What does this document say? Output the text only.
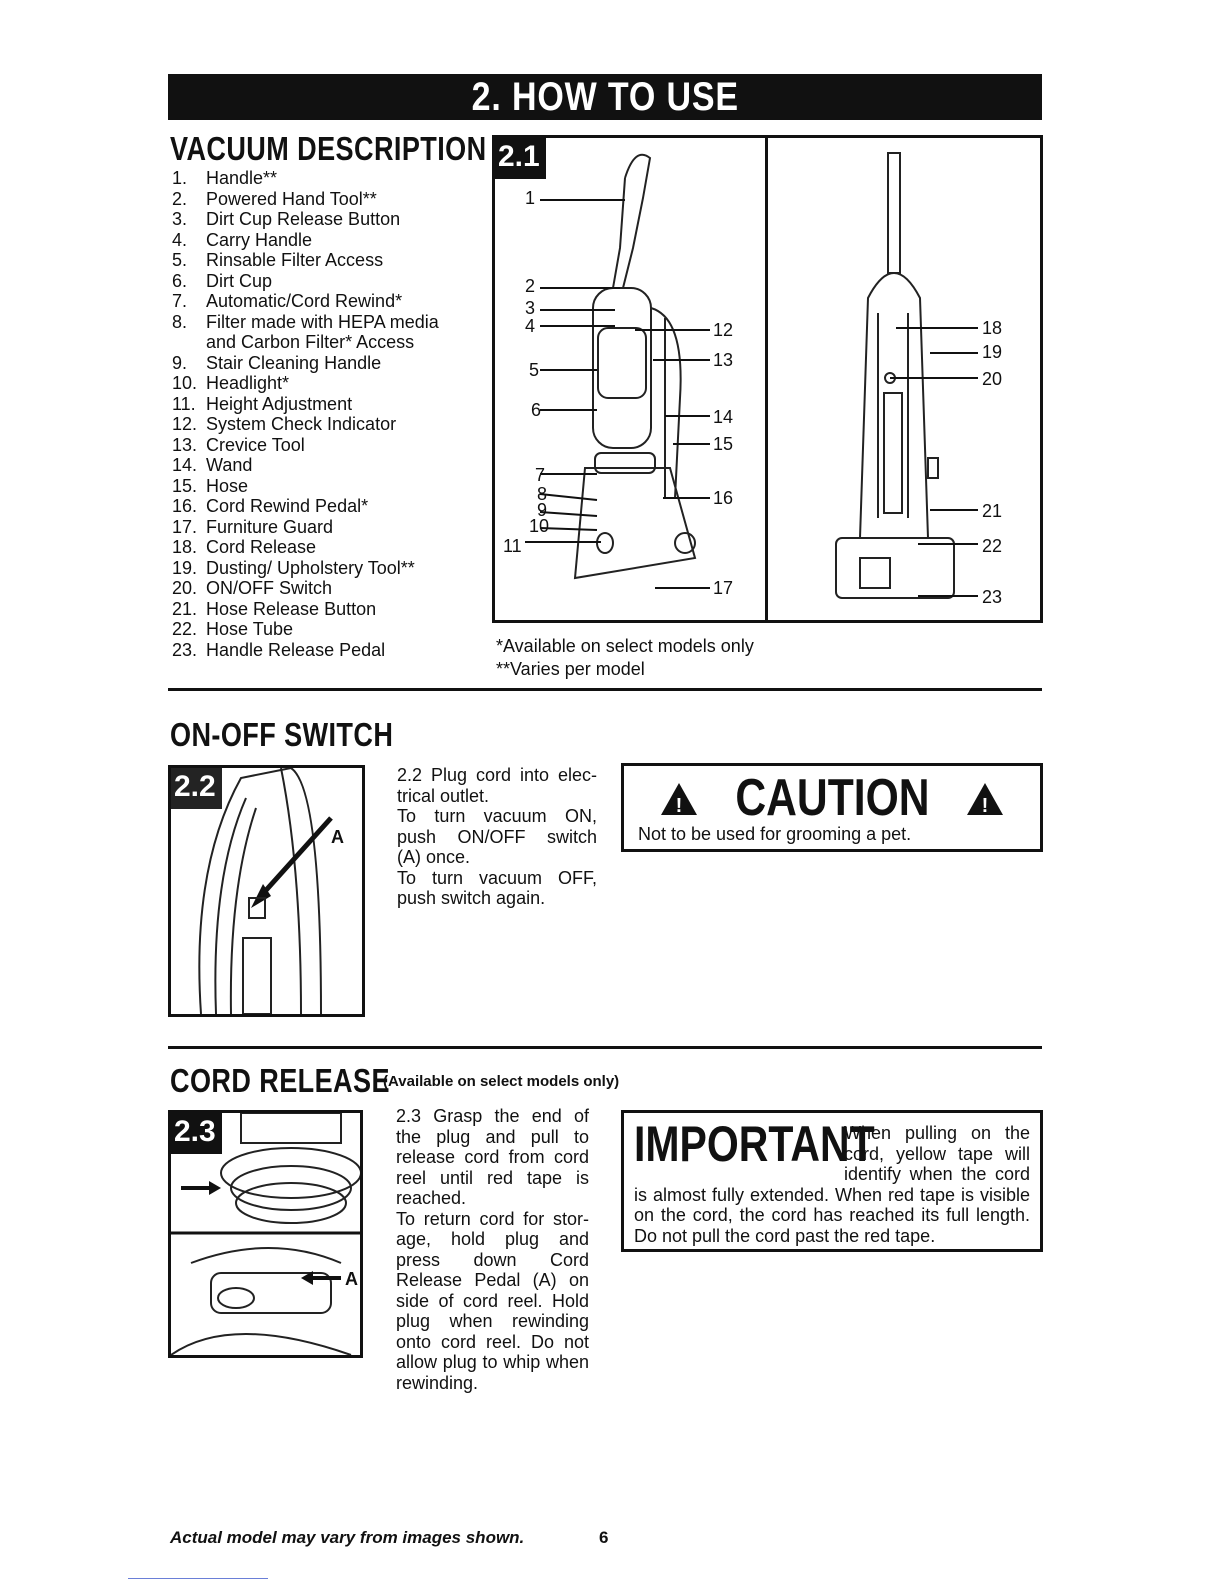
2. HOW TO USE
VACUUM DESCRIPTION
1.	Handle**
2.	Powered Hand Tool**
3.	Dirt Cup Release Button
4.	Carry Handle
5.	Rinsable Filter Access
6.	Dirt Cup
7.	Automatic/Cord Rewind*
8.	Filter made with HEPA media and Carbon Filter* Access
9.	Stair Cleaning Handle
10. Headlight*
11. Height Adjustment
12. System Check Indicator
13. Crevice Tool
14. Wand
15. Hose
16. Cord Rewind Pedal*
17. Furniture Guard
18. Cord Release
19. Dusting/ Upholstery Tool**
20. ON/OFF Switch
21. Hose Release Button
22. Hose Tube
23. Handle Release Pedal
2.1
1
2
3
4
5
6
7
8
9
10
11
12
13
14
15
16
17
18
19
20
21
22
23
*Available on select models only
**Varies per model
ON-OFF SWITCH
A
2.2	2.2 Plug cord into elec-
trical outlet.
To turn vacuum ON,
push ON/OFF switch
(A) once.
To turn vacuum OFF,
push switch again.
! CAUTION	!
Not to be used for grooming a pet.
CORD RELEASE
(Available on select models only)
A
2.3	2.3 Grasp the end of
the plug and pull to
release cord from cord
reel until red tape is
reached.
To return cord for stor-
age, hold plug and
press down Cord
Release Pedal (A) on
side of cord reel. Hold
plug when rewinding
onto cord reel. Do not
allow plug to whip when
rewinding.
IMPORTANT
When pulling on the cord, yellow tape will identify when the cord is almost fully extended. When red tape is visible on the cord, the cord has reached its full length. Do not pull the cord past the red tape.
Actual model may vary from images shown.	6
